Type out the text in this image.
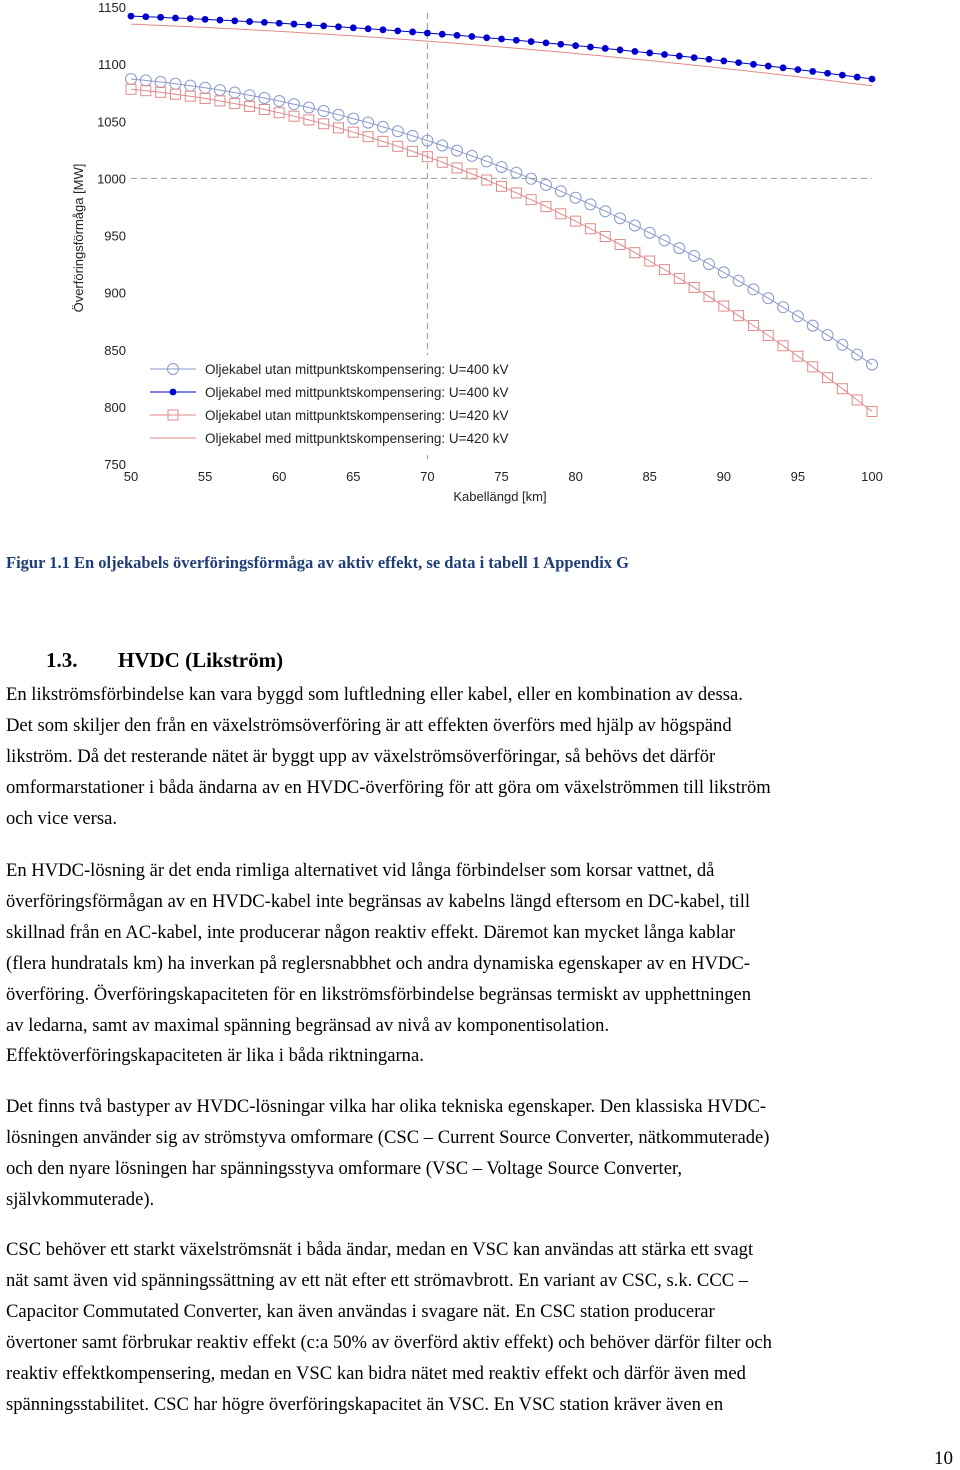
750
800
850
900
950
1000
1050
1100
1150
50	55	60	65	70	75	80	85	90	95	100
Kabellängd [km]
Överföringsförmåga [MW]
Oljekabel utan mittpunktskompensering: U=400 kV
Oljekabel med mittpunktskompensering: U=400 kV
Oljekabel utan mittpunktskompensering: U=420 kV
Oljekabel med mittpunktskompensering: U=420 kV
Figur 1.1 En oljekabels överföringsförmåga av aktiv effekt, se data i tabell 1 Appendix G
1.3. HVDC (Likström)
En likströmsförbindelse kan vara byggd som luftledning eller kabel, eller en kombination av dessa.
Det som skiljer den från en växelströmsöverföring är att effekten överförs med hjälp av högspänd
likström. Då det resterande nätet är byggt upp av växelströmsöverföringar, så behövs det därför
omformarstationer i båda ändarna av en HVDC-överföring för att göra om växelströmmen till likström
och vice versa.
En HVDC-lösning är det enda rimliga alternativet vid långa förbindelser som korsar vattnet, då
överföringsförmågan av en HVDC-kabel inte begränsas av kabelns längd eftersom en DC-kabel, till
skillnad från en AC-kabel, inte producerar någon reaktiv effekt. Däremot kan mycket långa kablar
(flera hundratals km) ha inverkan på reglersnabbhet och andra dynamiska egenskaper av en HVDC-
överföring. Överföringskapaciteten för en likströmsförbindelse begränsas termiskt av upphettningen
av ledarna, samt av maximal spänning begränsad av nivå av komponentisolation.
Effektöverföringskapaciteten är lika i båda riktningarna.
Det finns två bastyper av HVDC-lösningar vilka har olika tekniska egenskaper. Den klassiska HVDC-
lösningen använder sig av strömstyva omformare (CSC – Current Source Converter, nätkommuterade)
och den nyare lösningen har spänningsstyva omformare (VSC – Voltage Source Converter,
självkommuterade).
CSC behöver ett starkt växelströmsnät i båda ändar, medan en VSC kan användas att stärka ett svagt
nät samt även vid spänningssättning av ett nät efter ett strömavbrott. En variant av CSC, s.k. CCC –
Capacitor Commutated Converter, kan även användas i svagare nät. En CSC station producerar
övertoner samt förbrukar reaktiv effekt (c:a 50% av överförd aktiv effekt) och behöver därför filter och
reaktiv effektkompensering, medan en VSC kan bidra nätet med reaktiv effekt och därför även med
spänningsstabilitet. CSC har högre överföringskapacitet än VSC. En VSC station kräver även en
10
